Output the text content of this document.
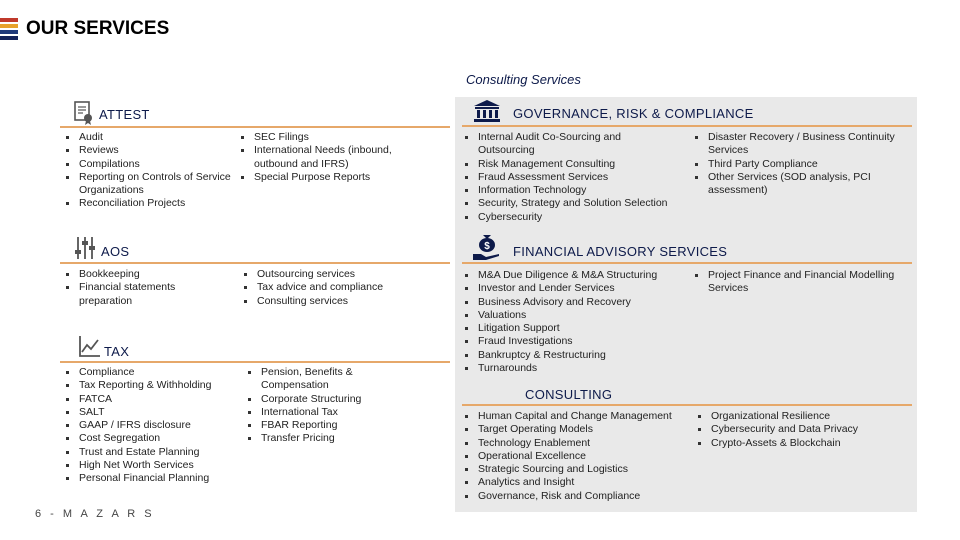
OUR SERVICES
Consulting Services
ATTEST
Audit
Reviews
Compilations
Reporting on Controls of Service Organizations
Reconciliation Projects
SEC Filings
International Needs (inbound, outbound and IFRS)
Special Purpose Reports
AOS
Bookkeeping
Financial statements preparation
Outsourcing services
Tax advice and compliance
Consulting services
TAX
Compliance
Tax Reporting & Withholding
FATCA
SALT
GAAP / IFRS disclosure
Cost Segregation
Trust and Estate Planning
High Net Worth Services
Personal Financial Planning
Pension, Benefits & Compensation
Corporate Structuring
International Tax
FBAR Reporting
Transfer Pricing
GOVERNANCE, RISK & COMPLIANCE
Internal Audit Co-Sourcing and Outsourcing
Risk Management Consulting
Fraud Assessment Services
Information Technology
Security, Strategy and Solution Selection
Cybersecurity
Disaster Recovery / Business Continuity Services
Third Party Compliance
Other Services (SOD analysis, PCI assessment)
$ FINANCIAL ADVISORY SERVICES
M&A Due Diligence & M&A Structuring
Investor and Lender Services
Business Advisory and Recovery
Valuations
Litigation Support
Fraud Investigations
Bankruptcy & Restructuring
Turnarounds
Project Finance and Financial Modelling Services
CONSULTING
Human Capital and Change Management
Target Operating Models
Technology Enablement
Operational Excellence
Strategic Sourcing and Logistics
Analytics and Insight
Governance, Risk and Compliance
Organizational Resilience
Cybersecurity and Data Privacy
Crypto-Assets & Blockchain
6 - M A Z A R S
